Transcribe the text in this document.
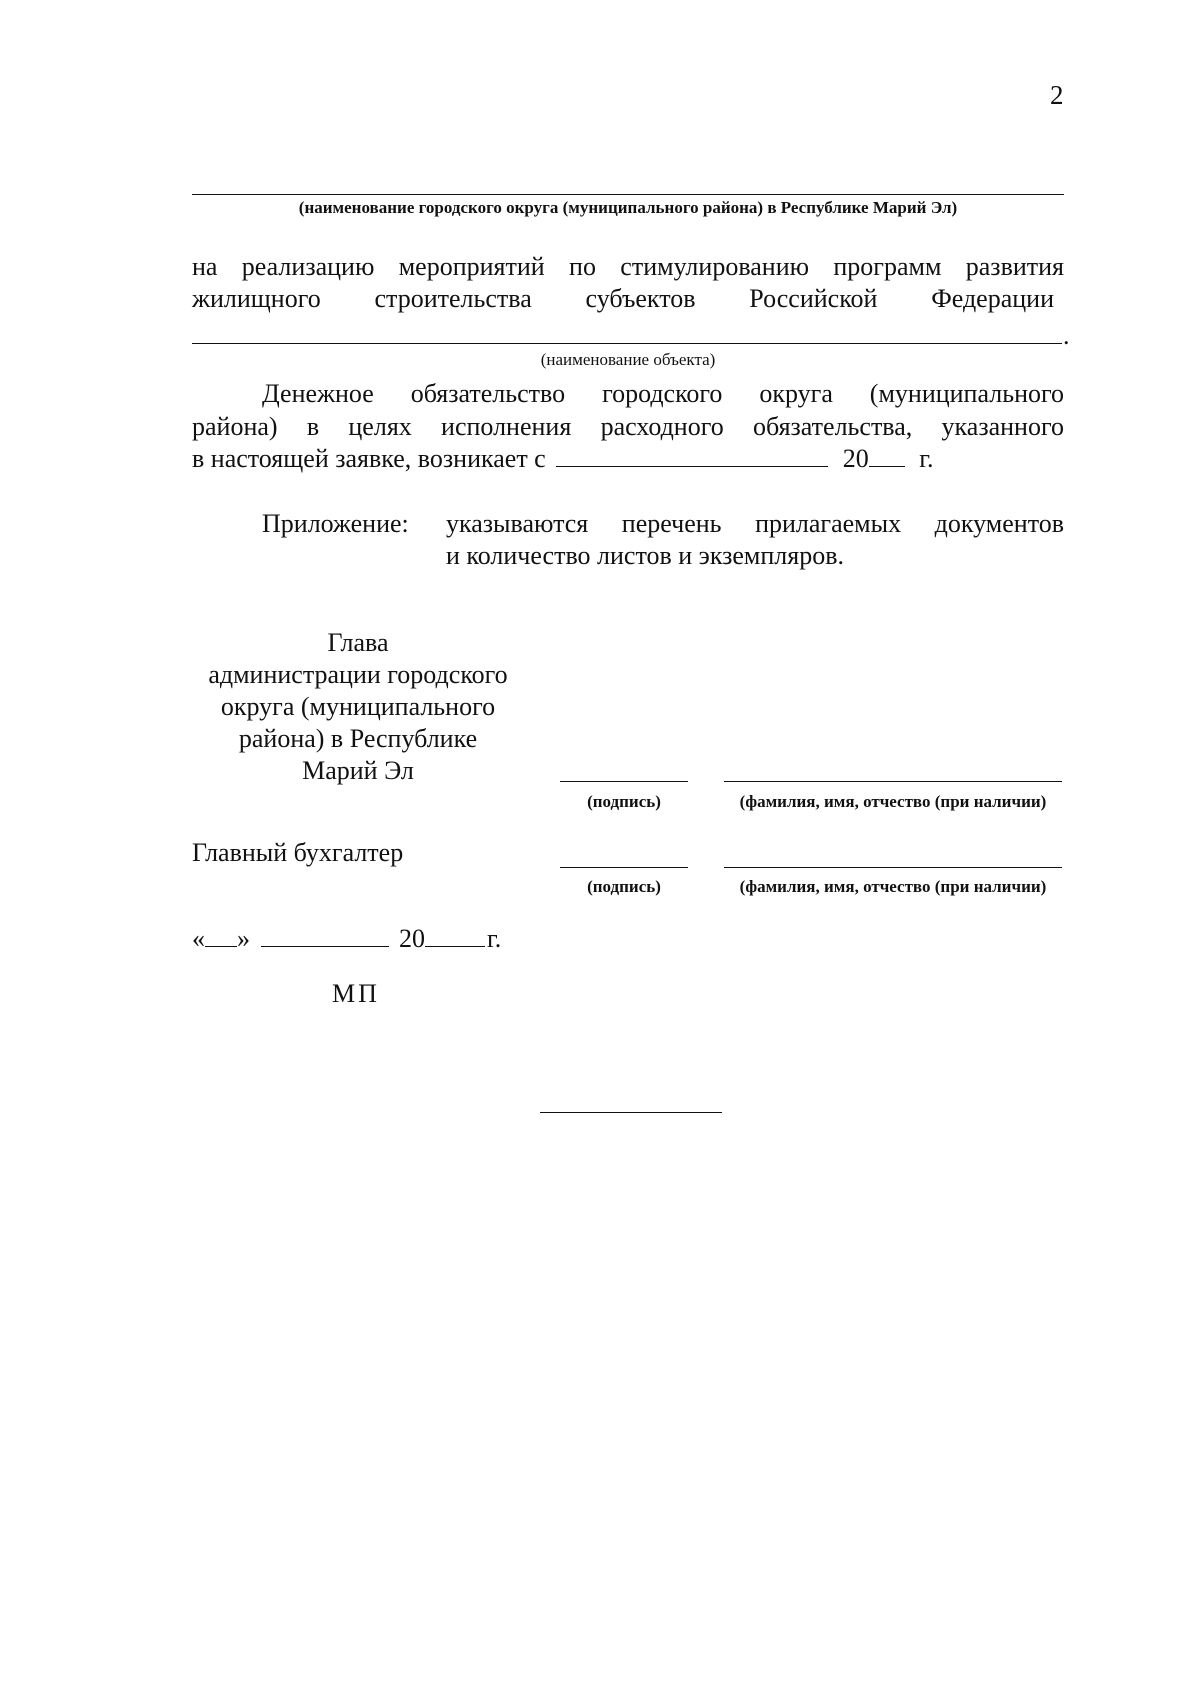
2
(наименование городского округа (муниципального района) в Республике Марий Эл)
на реализацию мероприятий по стимулированию программ развития
жилищного строительства субъектов Российской Федерации
.
(наименование объекта)
Денежное обязательство городского округа (муниципального
района) в целях исполнения расходного обязательства, указанного
в настоящей заявке, возникает с	20 г.
Приложение: указываются перечень прилагаемых документов
и количество листов и экземпляров.
Глава
администрации городского
округа (муниципального
района) в Республике
Марий Эл
(подпись)	(фамилия, имя, отчество (при наличии)
Главный бухгалтер
(подпись)	(фамилия, имя, отчество (при наличии)
« »	20 г.
МП
